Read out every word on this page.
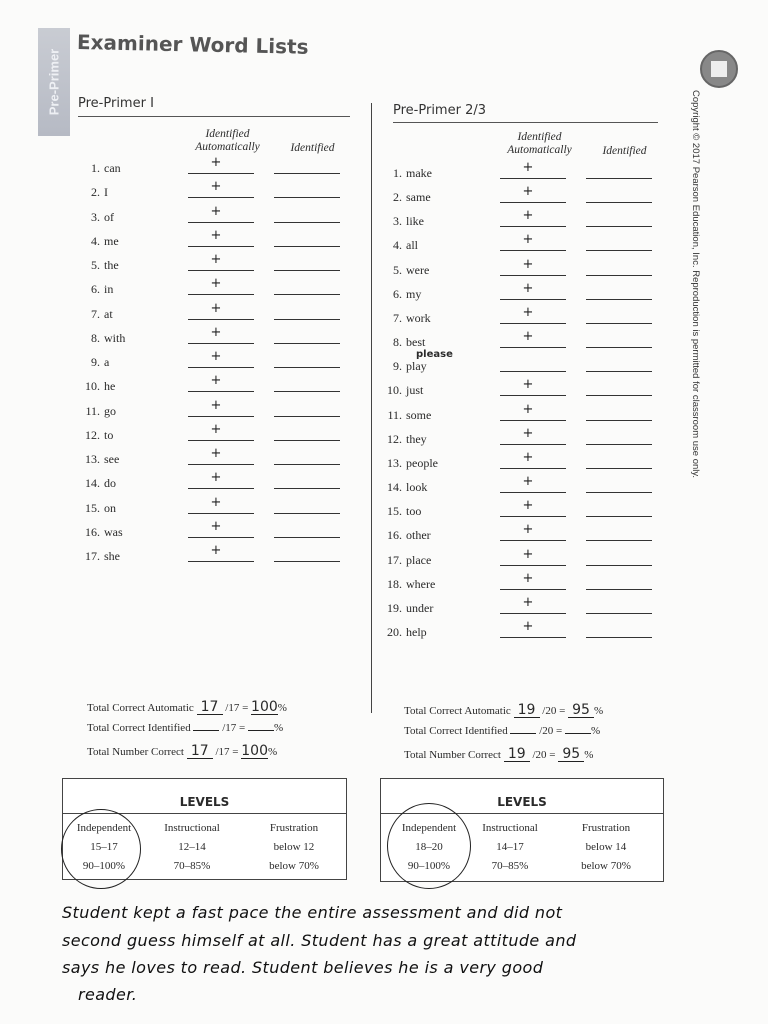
Pre-Primer
Examiner Word Lists
Copyright © 2017 Pearson Education, Inc. Reproduction is permitted for classroom use only.
Pre-Primer I	Pre-Primer 2/3
Identified Automatically	Identified
Identified Automatically	Identified
1. can	+
2. I	+
3. of	+
4. me	+
5. the	+
6. in	+
7. at	+
8. with	+
9. a	+
10. he	+
11. go	+
12. to	+
13. see	+
14. do	+
15. on	+
16. was	+
17. she	+
1. make	+
2. same	+
3. like	+
4. all	+
5. were	+
6. my	+
7. work	+
8. best	+
9. play
please
10. just	+
11. some	+
12. they	+
13. people	+
14. look	+
15. too	+
16. other	+
17. place	+
18. where	+
19. under	+
20. help	+
Total Correct Automatic 17 /17 = 100%
Total Correct Identified	/17 =	%
Total Number Correct 17 /17 = 100%
Total Correct Automatic 19 /20 = 95 %
Total Correct Identified	/20 =	%
Total Number Correct 19 /20 = 95 %
LEVELS
Independent
15–17
90–100%
Instructional
12–14
70–85%
Frustration
below 12
below 70%
LEVELS
Independent
18–20
90–100%
Instructional
14–17
70–85%
Frustration
below 14
below 70%
Student kept a fast pace the entire assessment and did not
second guess himself at all. Student has a great attitude and
says he loves to read. Student believes he is a very good
reader.
